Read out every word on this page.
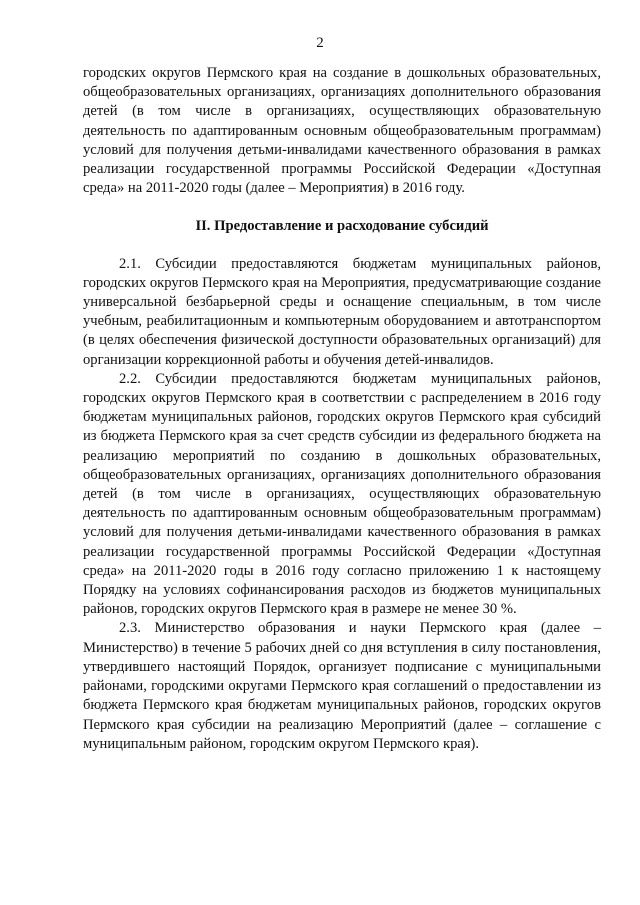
2

городских округов Пермского края на создание в дошкольных образовательных, общеобразовательных организациях, организациях дополнительного образования детей (в том числе в организациях, осуществляющих образовательную деятельность по адаптированным основным общеобразовательным программам) условий для получения детьми-инвалидами качественного образования в рамках реализации государственной программы Российской Федерации «Доступная среда» на 2011-2020 годы (далее – Мероприятия) в 2016 году.

II. Предоставление и расходование субсидий

2.1. Субсидии предоставляются бюджетам муниципальных районов, городских округов Пермского края на Мероприятия, предусматривающие создание универсальной безбарьерной среды и оснащение специальным, в том числе учебным, реабилитационным и компьютерным оборудованием и автотранспортом (в целях обеспечения физической доступности образовательных организаций) для организации коррекционной работы и обучения детей-инвалидов.

2.2. Субсидии предоставляются бюджетам муниципальных районов, городских округов Пермского края в соответствии с распределением в 2016 году бюджетам муниципальных районов, городских округов Пермского края субсидий из бюджета Пермского края за счет средств субсидии из федерального бюджета на реализацию мероприятий по созданию в дошкольных образовательных, общеобразовательных организациях, организациях дополнительного образования детей (в том числе в организациях, осуществляющих образовательную деятельность по адаптированным основным общеобразовательным программам) условий для получения детьми-инвалидами качественного образования в рамках реализации государственной программы Российской Федерации «Доступная среда» на 2011-2020 годы в 2016 году согласно приложению 1 к настоящему Порядку на условиях софинансирования расходов из бюджетов муниципальных районов, городских округов Пермского края в размере не менее 30 %.

2.3. Министерство образования и науки Пермского края (далее – Министерство) в течение 5 рабочих дней со дня вступления в силу постановления, утвердившего настоящий Порядок, организует подписание с муниципальными районами, городскими округами Пермского края соглашений о предоставлении из бюджета Пермского края бюджетам муниципальных районов, городских округов Пермского края субсидии на реализацию Мероприятий (далее – соглашение с муниципальным районом, городским округом Пермского края).
